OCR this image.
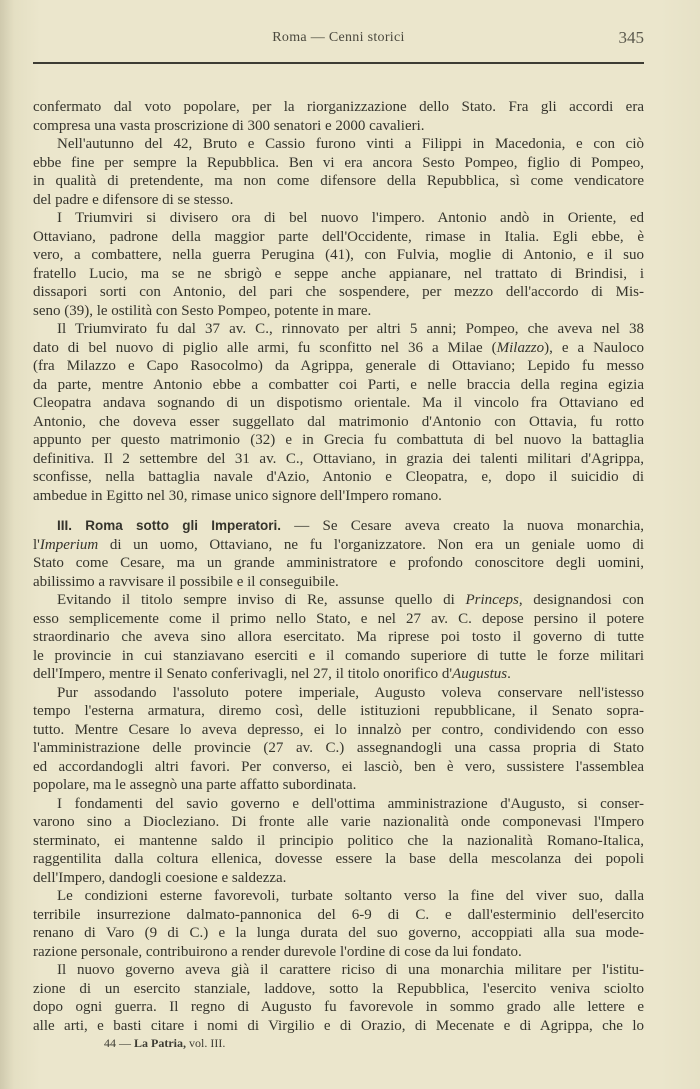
Roma — Cenni storici	345
confermato dal voto popolare, per la riorganizzazione dello Stato. Fra gli accordi era
compresa una vasta proscrizione di 300 senatori e 2000 cavalieri.
Nell'autunno del 42, Bruto e Cassio furono vinti a Filippi in Macedonia, e con ciò
ebbe fine per sempre la Repubblica. Ben vi era ancora Sesto Pompeo, figlio di Pompeo,
in qualità di pretendente, ma non come difensore della Repubblica, sì come vendicatore
del padre e difensore di se stesso.
I Triumviri si divisero ora di bel nuovo l'impero. Antonio andò in Oriente, ed
Ottaviano, padrone della maggior parte dell'Occidente, rimase in Italia. Egli ebbe, è
vero, a combattere, nella guerra Perugina (41), con Fulvia, moglie di Antonio, e il suo
fratello Lucio, ma se ne sbrigò e seppe anche appianare, nel trattato di Brindisi, i
dissapori sorti con Antonio, del pari che sospendere, per mezzo dell'accordo di Mis-
seno (39), le ostilità con Sesto Pompeo, potente in mare.
Il Triumvirato fu dal 37 av. C., rinnovato per altri 5 anni; Pompeo, che aveva nel 38
dato di bel nuovo di piglio alle armi, fu sconfitto nel 36 a Milae (Milazzo), e a Nauloco
(fra Milazzo e Capo Rasocolmo) da Agrippa, generale di Ottaviano; Lepido fu messo
da parte, mentre Antonio ebbe a combatter coi Parti, e nelle braccia della regina egizia
Cleopatra andava sognando di un dispotismo orientale. Ma il vincolo fra Ottaviano ed
Antonio, che doveva esser suggellato dal matrimonio d'Antonio con Ottavia, fu rotto
appunto per questo matrimonio (32) e in Grecia fu combattuta di bel nuovo la battaglia
definitiva. Il 2 settembre del 31 av. C., Ottaviano, in grazia dei talenti militari d'Agrippa,
sconfisse, nella battaglia navale d'Azio, Antonio e Cleopatra, e, dopo il suicidio di
ambedue in Egitto nel 30, rimase unico signore dell'Impero romano.
III. Roma sotto gli Imperatori. — Se Cesare aveva creato la nuova monarchia,
l'Imperium di un uomo, Ottaviano, ne fu l'organizzatore. Non era un geniale uomo di
Stato come Cesare, ma un grande amministratore e profondo conoscitore degli uomini,
abilissimo a ravvisare il possibile e il conseguibile.
Evitando il titolo sempre inviso di Re, assunse quello di Princeps, designandosi con
esso semplicemente come il primo nello Stato, e nel 27 av. C. depose persino il potere
straordinario che aveva sino allora esercitato. Ma riprese poi tosto il governo di tutte
le provincie in cui stanziavano eserciti e il comando superiore di tutte le forze militari
dell'Impero, mentre il Senato conferivagli, nel 27, il titolo onorifico d'Augustus.
Pur assodando l'assoluto potere imperiale, Augusto voleva conservare nell'istesso
tempo l'esterna armatura, diremo così, delle istituzioni repubblicane, il Senato sopra-
tutto. Mentre Cesare lo aveva depresso, ei lo innalzò per contro, condividendo con esso
l'amministrazione delle provincie (27 av. C.) assegnandogli una cassa propria di Stato
ed accordandogli altri favori. Per converso, ei lasciò, ben è vero, sussistere l'assemblea
popolare, ma le assegnò una parte affatto subordinata.
I fondamenti del savio governo e dell'ottima amministrazione d'Augusto, si conser-
varono sino a Diocleziano. Di fronte alle varie nazionalità onde componevasi l'Impero
sterminato, ei mantenne saldo il principio politico che la nazionalità Romano-Italica,
raggentilita dalla coltura ellenica, dovesse essere la base della mescolanza dei popoli
dell'Impero, dandogli coesione e saldezza.
Le condizioni esterne favorevoli, turbate soltanto verso la fine del viver suo, dalla
terribile insurrezione dalmato-pannonica del 6-9 di C. e dall'esterminio dell'esercito
renano di Varo (9 di C.) e la lunga durata del suo governo, accoppiati alla sua mode-
razione personale, contribuirono a render durevole l'ordine di cose da lui fondato.
Il nuovo governo aveva già il carattere riciso di una monarchia militare per l'istitu-
zione di un esercito stanziale, laddove, sotto la Repubblica, l'esercito veniva sciolto
dopo ogni guerra. Il regno di Augusto fu favorevole in sommo grado alle lettere e
alle arti, e basti citare i nomi di Virgilio e di Orazio, di Mecenate e di Agrippa, che lo
44 — La Patria, vol. III.
